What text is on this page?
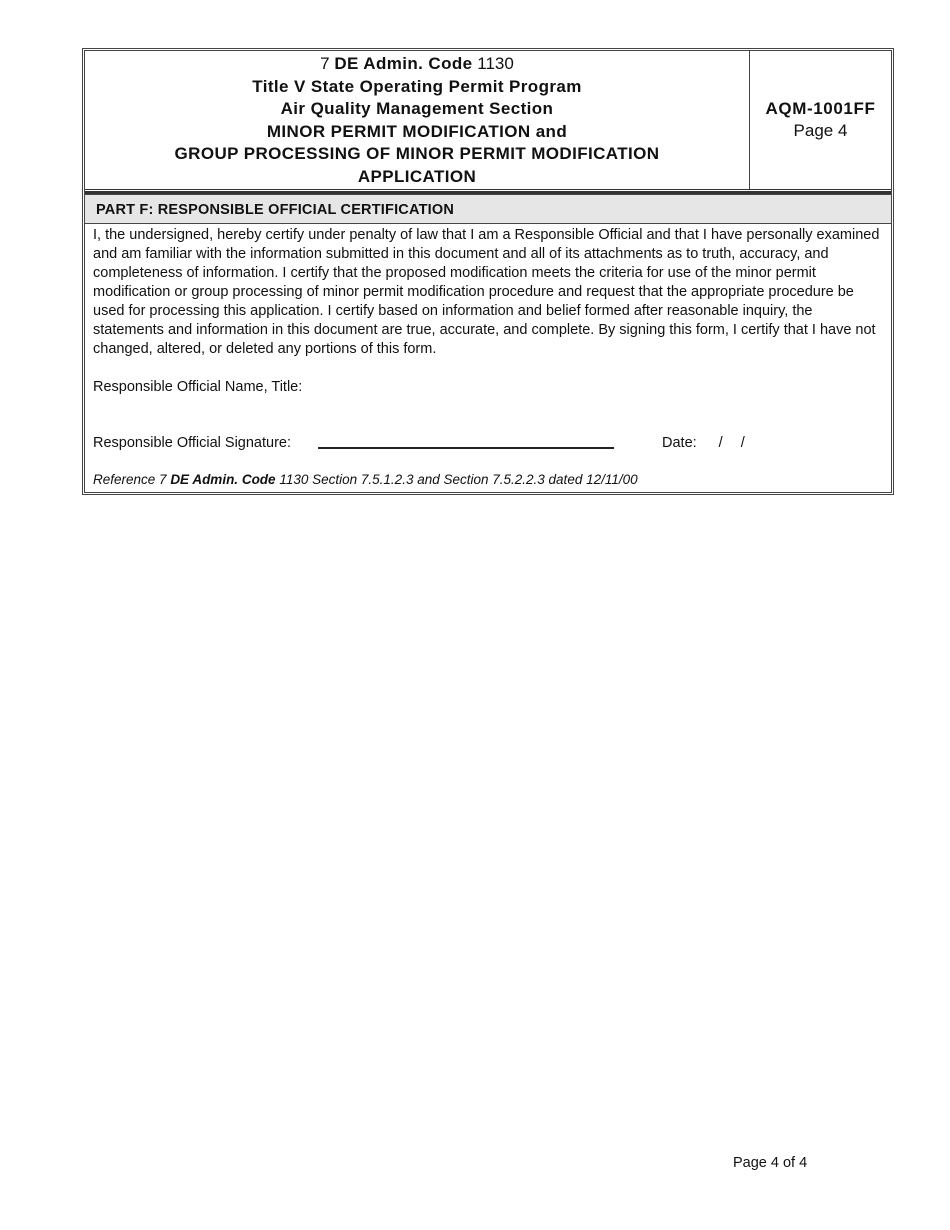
7 DE Admin. Code 1130
Title V State Operating Permit Program
Air Quality Management Section
MINOR PERMIT MODIFICATION and
GROUP PROCESSING OF MINOR PERMIT MODIFICATION
APPLICATION
AQM-1001FF
Page 4
PART F: RESPONSIBLE OFFICIAL CERTIFICATION

I, the undersigned, hereby certify under penalty of law that I am a Responsible Official and that I have personally examined and am familiar with the information submitted in this document and all of its attachments as to truth, accuracy, and completeness of information. I certify that the proposed modification meets the criteria for use of the minor permit modification or group processing of minor permit modification procedure and request that the appropriate procedure be used for processing this application. I certify based on information and belief formed after reasonable inquiry, the statements and information in this document are true, accurate, and complete. By signing this form, I certify that I have not changed, altered, or deleted any portions of this form.

Responsible Official Name, Title:
Responsible Official Signature:	Date: / /
Reference 7 DE Admin. Code 1130 Section 7.5.1.2.3 and Section 7.5.2.2.3 dated 12/11/00
Page 4 of 4
